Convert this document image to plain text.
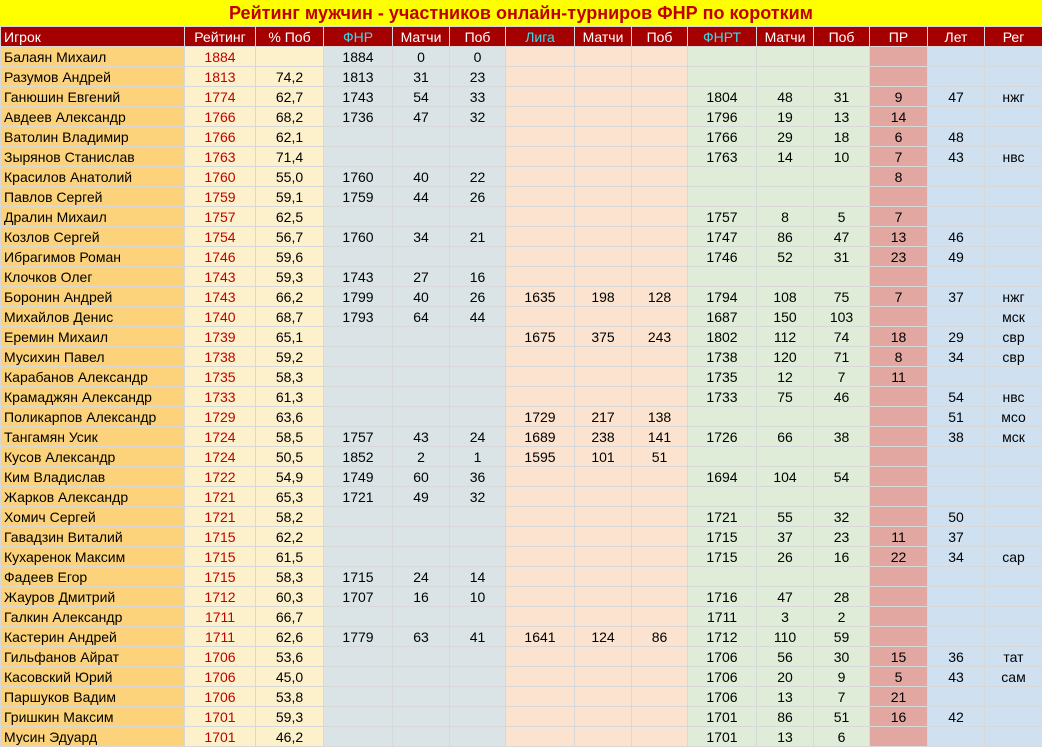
Рейтинг мужчин - участников онлайн-турниров ФНР по коротким
Игрок	Рейтинг	% Поб	ФНР	Матчи	Поб	Лига	Матчи	Поб	ФНРТ	Матчи	Поб	ПР	Лет	Рег
Балаян Михаил	1884		1884	0	0									
Разумов Андрей	1813	74,2	1813	31	23									
Ганюшин Евгений	1774	62,7	1743	54	33				1804	48	31	9	47	нжг
Авдеев Александр	1766	68,2	1736	47	32				1796	19	13	14		
Ватолин Владимир	1766	62,1							1766	29	18	6	48	
Зырянов Станислав	1763	71,4							1763	14	10	7	43	нвс
Красилов Анатолий	1760	55,0	1760	40	22							8		
Павлов Сергей	1759	59,1	1759	44	26									
Дралин Михаил	1757	62,5							1757	8	5	7		
Козлов Сергей	1754	56,7	1760	34	21				1747	86	47	13	46	
Ибрагимов Роман	1746	59,6							1746	52	31	23	49	
Клочков Олег	1743	59,3	1743	27	16									
Боронин Андрей	1743	66,2	1799	40	26	1635	198	128	1794	108	75	7	37	нжг
Михайлов Денис	1740	68,7	1793	64	44				1687	150	103			мск
Еремин Михаил	1739	65,1				1675	375	243	1802	112	74	18	29	свр
Мусихин Павел	1738	59,2							1738	120	71	8	34	свр
Карабанов Александр	1735	58,3							1735	12	7	11		
Крамаджян Александр	1733	61,3							1733	75	46		54	нвс
Поликарпов Александр	1729	63,6				1729	217	138					51	мсо
Тангамян Усик	1724	58,5	1757	43	24	1689	238	141	1726	66	38		38	мск
Кусов Александр	1724	50,5	1852	2	1	1595	101	51						
Ким Владислав	1722	54,9	1749	60	36				1694	104	54			
Жарков Александр	1721	65,3	1721	49	32									
Хомич Сергей	1721	58,2							1721	55	32		50	
Гавадзин Виталий	1715	62,2							1715	37	23	11	37	
Кухаренок Максим	1715	61,5							1715	26	16	22	34	сар
Фадеев Егор	1715	58,3	1715	24	14									
Жауров Дмитрий	1712	60,3	1707	16	10				1716	47	28			
Галкин Александр	1711	66,7							1711	3	2			
Кастерин Андрей	1711	62,6	1779	63	41	1641	124	86	1712	110	59			
Гильфанов Айрат	1706	53,6							1706	56	30	15	36	тат
Касовский Юрий	1706	45,0							1706	20	9	5	43	сам
Паршуков Вадим	1706	53,8							1706	13	7	21		
Гришкин Максим	1701	59,3							1701	86	51	16	42	
Мусин Эдуард	1701	46,2							1701	13	6			
